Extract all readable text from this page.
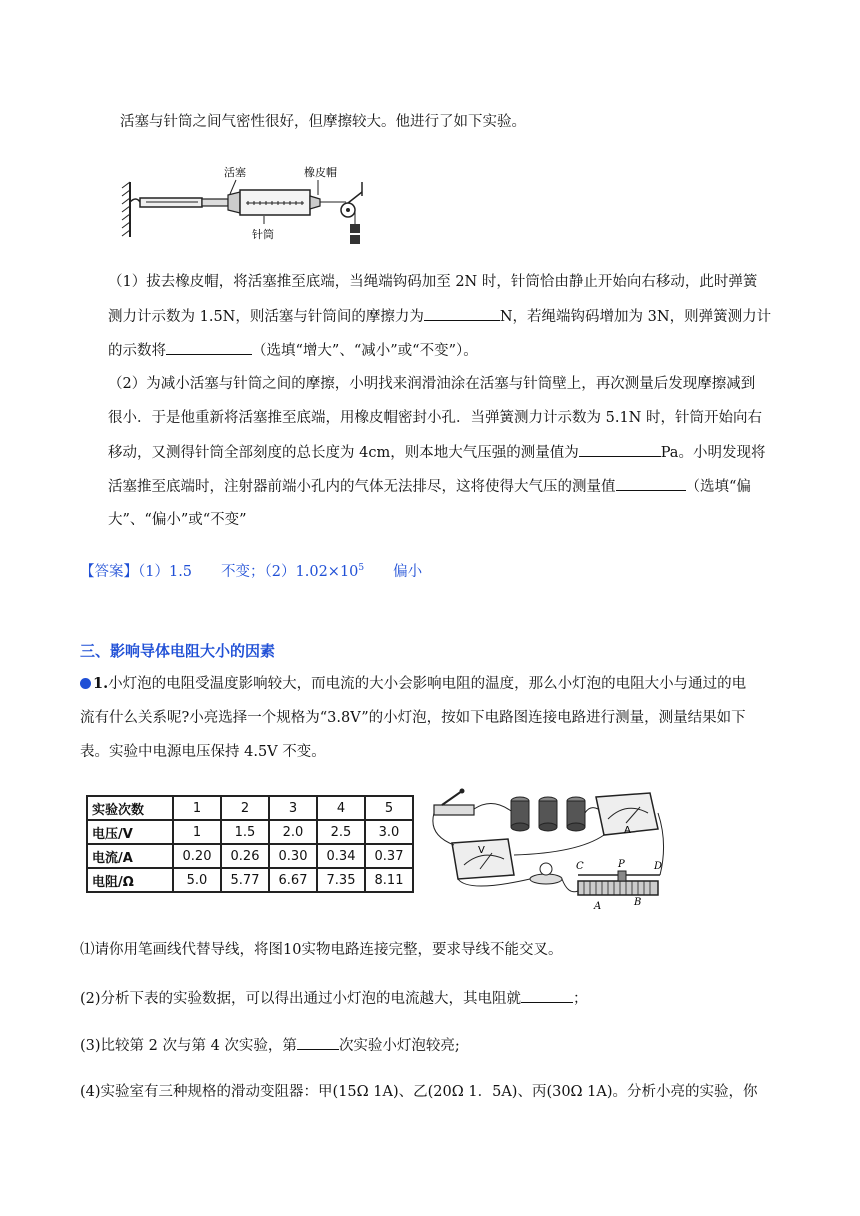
活塞与针筒之间气密性很好，但摩擦较大。他进行了如下实验。
活塞	橡皮帽
针筒
（1）拔去橡皮帽，将活塞推至底端，当绳端钩码加至 2N 时，针筒恰由静止开始向右移动，此时弹簧
测力计示数为 1.5N，则活塞与针筒间的摩擦力为	N，若绳端钩码增加为 3N，则弹簧测力计
的示数将	（选填“增大”、“减小”或“不变”）。
（2）为减小活塞与针筒之间的摩擦，小明找来润滑油涂在活塞与针筒壁上，再次测量后发现摩擦减到
很小．于是他重新将活塞推至底端，用橡皮帽密封小孔．当弹簧测力计示数为 5.1N 时，针筒开始向右
移动，又测得针筒全部刻度的总长度为 4cm，则本地大气压强的测量值为	Pa。小明发现将
活塞推至底端时，注射器前端小孔内的气体无法排尽，这将使得大气压的测量值	（选填“偏
大”、“偏小”或“不变”
【答案】（1）1.5　　不变；$(2)1.02\times 10^5$　　偏小
三、影响导体电阻大小的因素
1.小灯泡的电阻受温度影响较大，而电流的大小会影响电阻的温度，那么小灯泡的电阻大小与通过的电
流有什么关系呢?小亮选择一个规格为“3.8V”的小灯泡，按如下电路图连接电路进行测量，测量结果如下
表。实验中电源电压保持 4.5V 不变。
实验次数	1	2	3	4	5
电压/V	1	1.5	2.0	2.5	3.0
电流/A	0.20	0.26	0.30	0.34	0.37
电阻/Ω	5.0	5.77	6.67	7.35	8.11
A
V
C	P	D
A	B
⑴请你用笔画线代替导线，将图10实物电路连接完整，要求导线不能交叉。
(2)分析下表的实验数据，可以得出通过小灯泡的电流越大，其电阻就	；
(3)比较第 2 次与第 4 次实验，第	次实验小灯泡较亮;
(4)实验室有三种规格的滑动变阻器：甲(15Ω 1A)、乙(20Ω 1．5A)、丙(30Ω 1A)。分析小亮的实验，你
